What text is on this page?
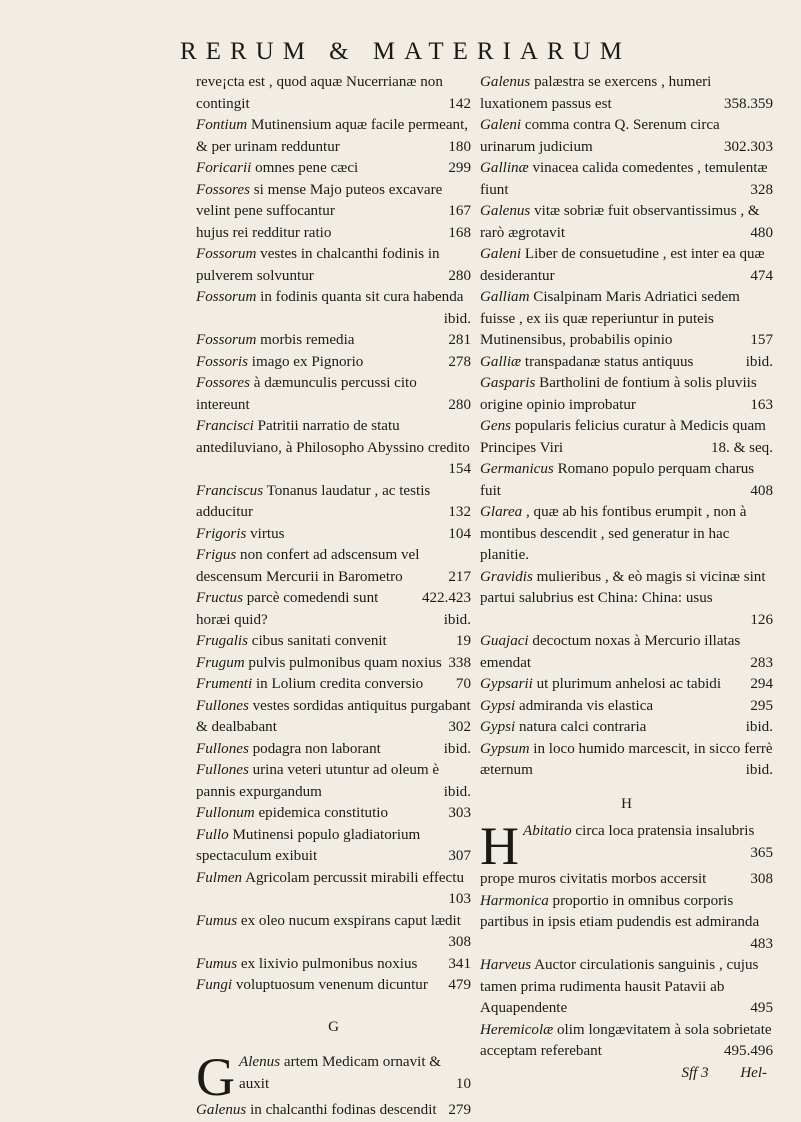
RERUM & MATERIARUM
reve¡cta est , quod aquæ Nucerrianæ non contingit	142
Fontium Mutinensium aquæ facile permeant, & per urinam redduntur	180
Foricarii omnes pene cæci	299
Fossores si mense Majo puteos excavare velint pene suffocantur	167
hujus rei redditur ratio	168
Fossorum vestes in chalcanthi fodinis in pulverem solvuntur	280
Fossorum in fodinis quanta sit cura habenda
ibid.
Fossorum morbis remedia	281
Fossoris imago ex Pignorio	278
Fossores à dæmunculis percussi cito intereunt	280
Francisci Patritii narratio de statu antediluviano, à Philosopho Abyssino credito
154
Franciscus Tonanus laudatur , ac testis adducitur	132
Frigoris virtus	104
Frigus non confert ad adscensum vel descensum Mercurii in Barometro	217
Fructus parcè comedendi sunt	422.423
horæi quid?	ibid.
Frugalis cibus sanitati convenit	19
Frugum pulvis pulmonibus quam noxius 338
Frumenti in Lolium credita conversio 70
Fullones vestes sordidas antiquitus purgabant & dealbabant	302
Fullones podagra non laborant	ibid.
Fullones urina veteri utuntur ad oleum è pannis expurgandum	ibid.
Fullonum epidemica constitutio	303
Fullo Mutinensi populo gladiatorium spectaculum exibuit	307
Fulmen Agricolam percussit mirabili effectu
103
Fumus ex oleo nucum exspirans caput lædit
308
Fumus ex lixivio pulmonibus noxius 341
Fungi voluptuosum venenum dicuntur 479
G
G Alenus artem Medicam ornavit & auxit	10
Galenus in chalcanthi fodinas descendit 279
Galenus palæstra se exercens , humeri luxationem passus est	358.359
Galeni comma contra Q. Serenum circa urinarum judicium	302.303
Gallinæ vinacea calida comedentes , temulentæ fiunt	328
Galenus vitæ sobriæ fuit observantissimus , & rarò ægrotavit	480
Galeni Liber de consuetudine , est inter ea quæ desiderantur	474
Galliam Cisalpinam Maris Adriatici sedem fuisse , ex iis quæ reperiuntur in puteis Mutinensibus, probabilis opinio	157
Galliæ transpadanæ status antiquus	ibid.
Gasparis Bartholini de fontium à solis pluviis origine opinio improbatur	163
Gens popularis felicius curatur à Medicis quam Principes Viri	18. & seq.
Germanicus Romano populo perquam charus fuit	408
Glarea , quæ ab his fontibus erumpit , non à montibus descendit , sed generatur in hac planitie.
Gravidis mulieribus , & eò magis si vicinæ sint partui salubrius est China: China: usus
126
Guajaci decoctum noxas à Mercurio illatas emendat	283
Gypsarii ut plurimum anhelosi ac tabidi 294
Gypsi admiranda vis elastica	295
Gypsi natura calci contraria	ibid.
Gypsum in loco humido marcescit, in sicco ferrè æternum	ibid.
H
H Abitatio circa loca pratensia insalubris
365
prope muros civitatis morbos accersit	308
Harmonica proportio in omnibus corporis partibus in ipsis etiam pudendis est admiranda
483
Harveus Auctor circulationis sanguinis , cujus tamen prima rudimenta hausit Patavii ab Aquapendente	495
Heremicolæ olim longævitatem à sola sobrietate acceptam referebant	495.496
Sff 3 Hel-
